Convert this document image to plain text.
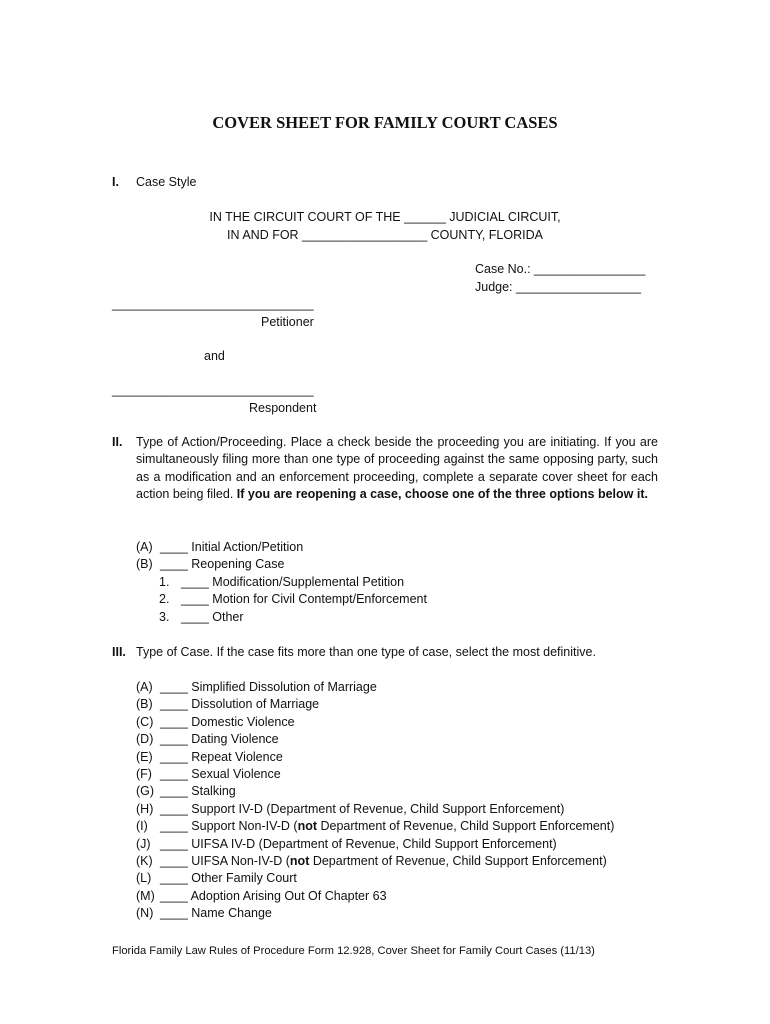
COVER SHEET FOR FAMILY COURT CASES
I. Case Style
IN THE CIRCUIT COURT OF THE ______ JUDICIAL CIRCUIT,
IN AND FOR __________________ COUNTY, FLORIDA
Case No.: ________________
Judge: __________________
_____________________________
Petitioner
and
_____________________________
Respondent
II. Type of Action/Proceeding. Place a check beside the proceeding you are initiating. If you are simultaneously filing more than one type of proceeding against the same opposing party, such as a modification and an enforcement proceeding, complete a separate cover sheet for each action being filed. If you are reopening a case, choose one of the three options below it.
(A) ____ Initial Action/Petition
(B) ____ Reopening Case
1. ____ Modification/Supplemental Petition
2. ____ Motion for Civil Contempt/Enforcement
3. ____ Other
III. Type of Case. If the case fits more than one type of case, select the most definitive.
(A) ____ Simplified Dissolution of Marriage
(B) ____ Dissolution of Marriage
(C) ____ Domestic Violence
(D) ____ Dating Violence
(E) ____ Repeat Violence
(F) ____ Sexual Violence
(G) ____ Stalking
(H) ____ Support IV-D (Department of Revenue, Child Support Enforcement)
(I) ____ Support Non-IV-D (not Department of Revenue, Child Support Enforcement)
(J) ____ UIFSA IV-D (Department of Revenue, Child Support Enforcement)
(K) ____ UIFSA Non-IV-D (not Department of Revenue, Child Support Enforcement)
(L) ____ Other Family Court
(M) ____ Adoption Arising Out Of Chapter 63
(N) ____ Name Change
Florida Family Law Rules of Procedure Form 12.928, Cover Sheet for Family Court Cases (11/13)
